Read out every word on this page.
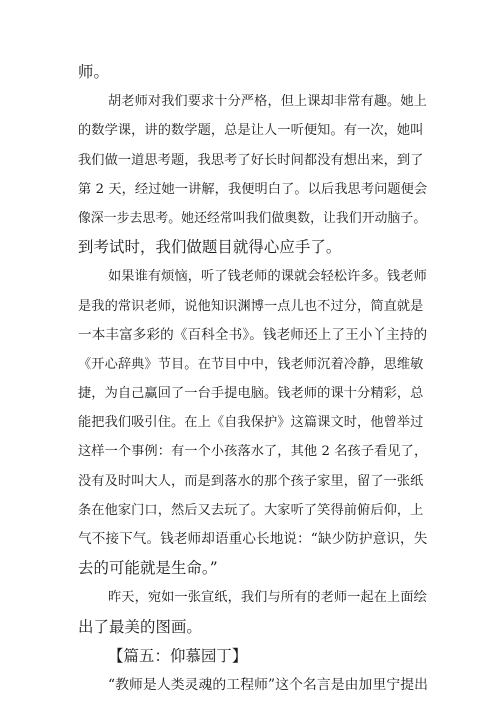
师。
胡老师对我们要求十分严格，但上课却非常有趣。她上
的数学课，讲的数学题，总是让人一听便知。有一次，她叫
我们做一道思考题，我思考了好长时间都没有想出来，到了
第 2 天，经过她一讲解，我便明白了。以后我思考问题便会
像深一步去思考。她还经常叫我们做奥数，让我们开动脑子。
到考试时，我们做题目就得心应手了。
如果谁有烦恼，听了钱老师的课就会轻松许多。钱老师
是我的常识老师，说他知识渊博一点儿也不过分，简直就是
一本丰富多彩的《百科全书》。钱老师还上了王小丫主持的
《开心辞典》节目。在节目中中，钱老师沉着冷静，思维敏
捷，为自己赢回了一台手提电脑。钱老师的课十分精彩，总
能把我们吸引住。在上《自我保护》这篇课文时，他曾举过
这样一个事例：有一个小孩落水了，其他 2 名孩子看见了，
没有及时叫大人，而是到落水的那个孩子家里，留了一张纸
条在他家门口，然后又去玩了。大家听了笑得前俯后仰，上
气不接下气。钱老师却语重心长地说：“缺少防护意识，失
去的可能就是生命。”
昨天，宛如一张宣纸，我们与所有的老师一起在上面绘
出了最美的图画。
【篇五：仰慕园丁】
“教师是人类灵魂的工程师”这个名言是由加里宁提出
